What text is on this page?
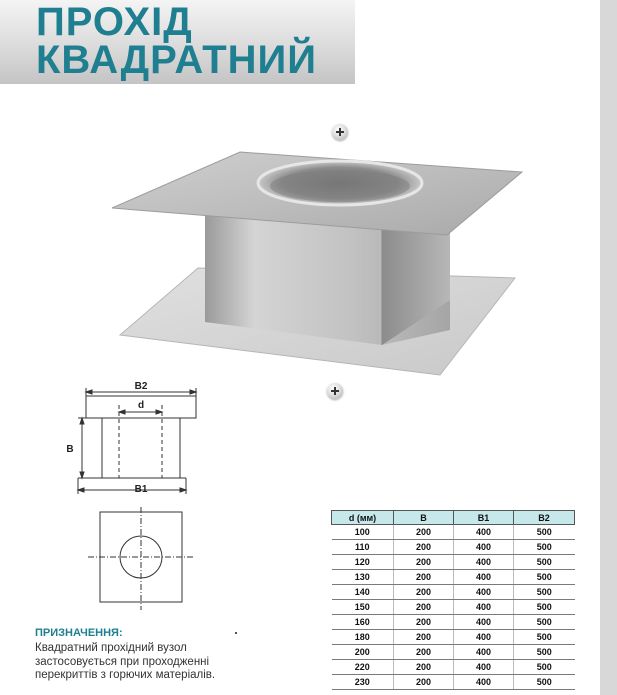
ПРОХІД
КВАДРАТНИЙ
B2
d
B
B1
d (мм)	B	B1	B2
100	200	400	500
110	200	400	500
120	200	400	500
130	200	400	500
140	200	400	500
150	200	400	500
160	200	400	500
180	200	400	500
200	200	400	500
220	200	400	500
230	200	400	500
ПРИЗНАЧЕННЯ:
Квадратний прохідний вузол застосовується при проходженні перекриттів з горючих матеріалів.
